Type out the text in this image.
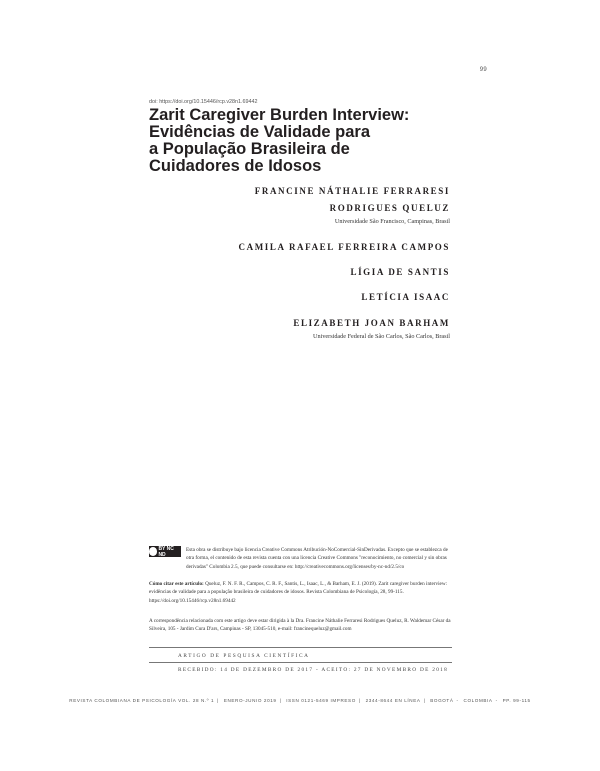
99
doi: https://doi.org/10.15446/rcp.v28n1.69442
Zarit Caregiver Burden Interview:
Evidências de Validade para
a População Brasileira de
Cuidadores de Idosos
FRANCINE NÁTHALIE FERRARESI
RODRIGUES QUELUZ
Universidade São Francisco, Campinas, Brasil
CAMILA RAFAEL FERREIRA CAMPOS
LÍGIA DE SANTIS
LETÍCIA ISAAC
ELIZABETH JOAN BARHAM
Universidade Federal de São Carlos, São Carlos, Brasil
BY NC ND
Esta obra se distribuye bajo licencia Creative Commons Atribución-NoComercial-SinDerivadas. Excepto que se establezca de otra forma, el contenido de esta revista cuenta con una licencia Creative Commons "reconocimiento, no comercial y sin obras derivadas" Colombia 2.5, que puede consultarse en: http://creativecommons.org/licenses/by-nc-nd/2.5/co
Cómo citar este artículo: Queluz, F. N. F. R., Campos, C. R. F., Santis, L., Isaac, L., & Barham, E. J. (2019). Zarit caregiver burden interview: evidências de validade para a população brasileira de cuidadores de idosos. Revista Colombiana de Psicología, 28, 99-115. https://doi.org/10.15446/rcp.v28n1.69442
A correspondência relacionada com este artigo deve estar dirigida à la Dra. Francine Náthalie Ferraresi Rodrigues Queluz, R. Waldemar César da Silveira, 105 - Jardim Cura D'ars, Campinas - SP, 13045-510, e-mail: francinequeluz@gmail.com
ARTIGO DE PESQUISA CIENTÍFICA
RECEBIDO: 14 DE DEZEMBRO DE 2017 - ACEITO: 27 DE NOVEMBRO DE 2018
REVISTA COLOMBIANA DE PSICOLOGÍA VOL. 28 N.º 1 | ENERO-JUNIO 2019 | ISSN 0121-5469 IMPRESO | 2344-8644 EN LÍNEA | BOGOTÁ - COLOMBIA - PP. 99-115
